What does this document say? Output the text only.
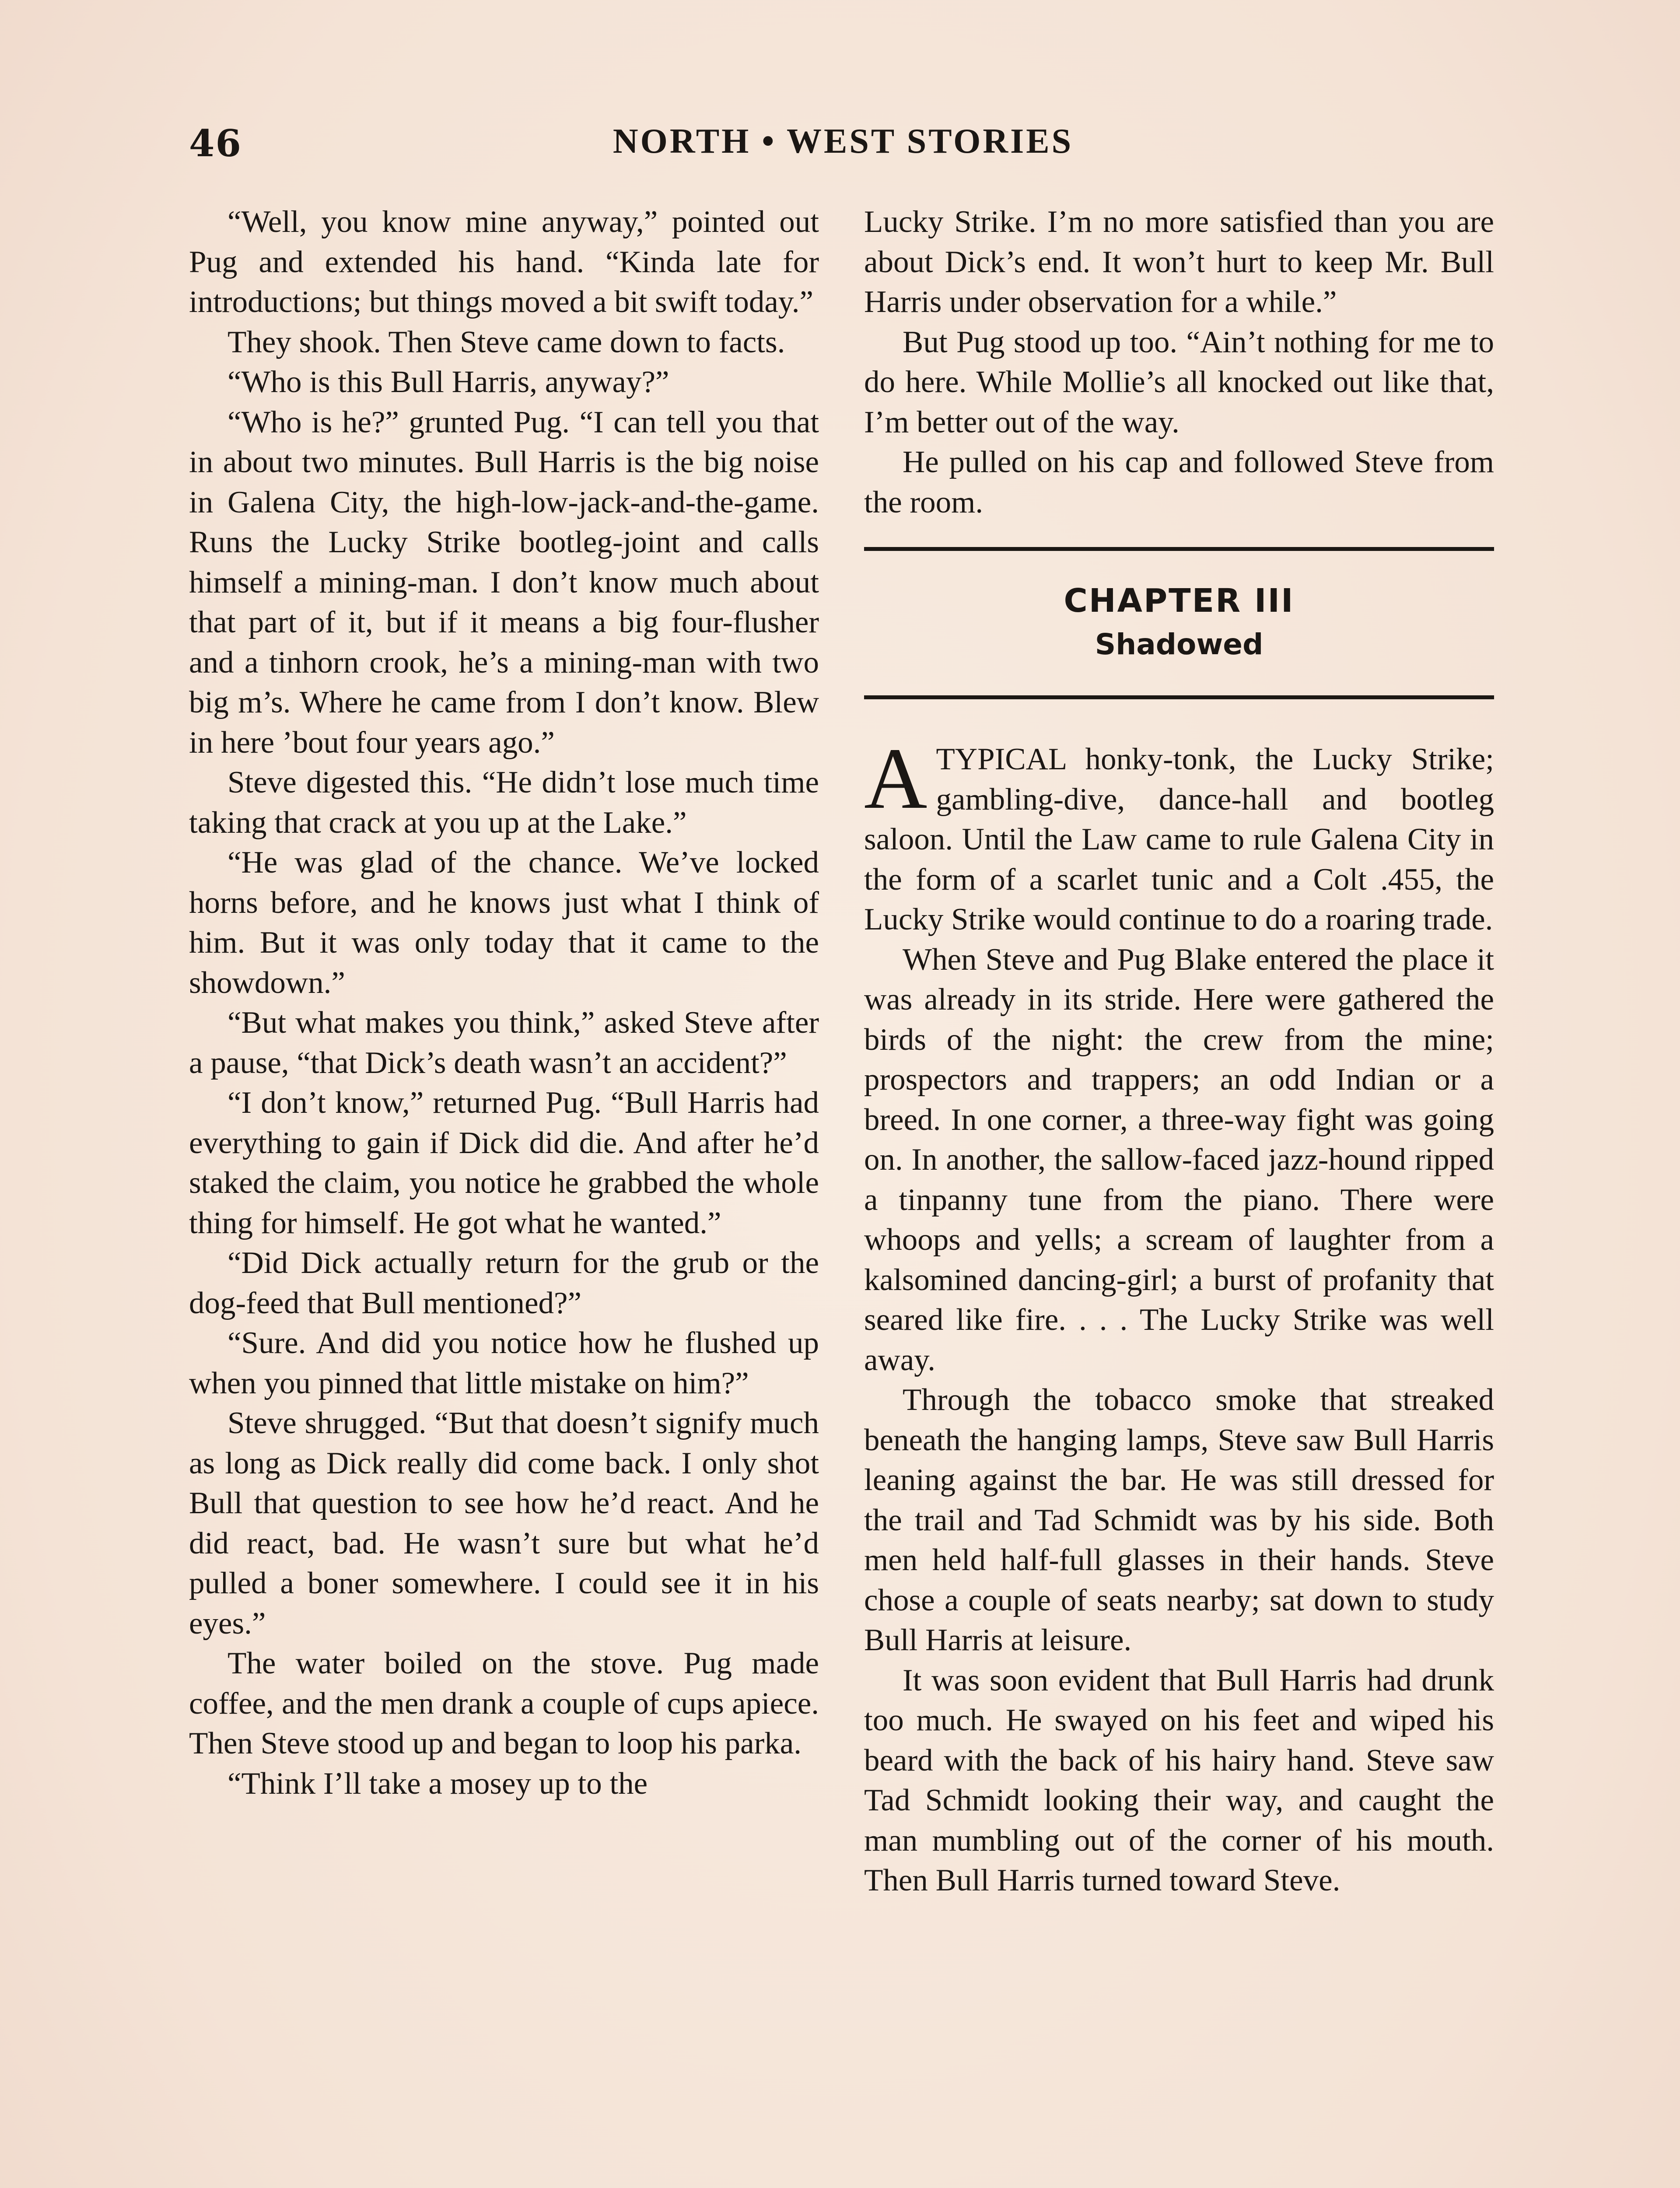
46	NORTH • WEST STORIES

“Well, you know mine anyway,” pointed out Pug and extended his hand. “Kinda late for introductions; but things moved a bit swift today.”

They shook. Then Steve came down to facts.

“Who is this Bull Harris, anyway?”

“Who is he?” grunted Pug. “I can tell you that in about two minutes. Bull Harris is the big noise in Galena City, the high-low-jack-and-the-game. Runs the Lucky Strike bootleg-joint and calls himself a mining-man. I don’t know much about that part of it, but if it means a big four-flusher and a tinhorn crook, he’s a mining-man with two big m’s. Where he came from I don’t know. Blew in here ’bout four years ago.”

Steve digested this. “He didn’t lose much time taking that crack at you up at the Lake.”

“He was glad of the chance. We’ve locked horns before, and he knows just what I think of him. But it was only today that it came to the showdown.”

“But what makes you think,” asked Steve after a pause, “that Dick’s death wasn’t an accident?”

“I don’t know,” returned Pug. “Bull Harris had everything to gain if Dick did die. And after he’d staked the claim, you notice he grabbed the whole thing for himself. He got what he wanted.”

“Did Dick actually return for the grub or the dog-feed that Bull mentioned?”

“Sure. And did you notice how he flushed up when you pinned that little mistake on him?”

Steve shrugged. “But that doesn’t signify much as long as Dick really did come back. I only shot Bull that question to see how he’d react. And he did react, bad. He wasn’t sure but what he’d pulled a boner somewhere. I could see it in his eyes.”

The water boiled on the stove. Pug made coffee, and the men drank a couple of cups apiece. Then Steve stood up and began to loop his parka.

“Think I’ll take a mosey up to the

Lucky Strike. I’m no more satisfied than you are about Dick’s end. It won’t hurt to keep Mr. Bull Harris under observation for a while.”

But Pug stood up too. “Ain’t nothing for me to do here. While Mollie’s all knocked out like that, I’m better out of the way.

He pulled on his cap and followed Steve from the room.

CHAPTER III
Shadowed

A TYPICAL honky-tonk, the Lucky Strike; gambling-dive, dance-hall and bootleg saloon. Until the Law came to rule Galena City in the form of a scarlet tunic and a Colt .455, the Lucky Strike would continue to do a roaring trade.

When Steve and Pug Blake entered the place it was already in its stride. Here were gathered the birds of the night: the crew from the mine; prospectors and trappers; an odd Indian or a breed. In one corner, a three-way fight was going on. In another, the sallow-faced jazz-hound ripped a tinpanny tune from the piano. There were whoops and yells; a scream of laughter from a kalsomined dancing-girl; a burst of profanity that seared like fire. . . . The Lucky Strike was well away.

Through the tobacco smoke that streaked beneath the hanging lamps, Steve saw Bull Harris leaning against the bar. He was still dressed for the trail and Tad Schmidt was by his side. Both men held half-full glasses in their hands. Steve chose a couple of seats nearby; sat down to study Bull Harris at leisure.

It was soon evident that Bull Harris had drunk too much. He swayed on his feet and wiped his beard with the back of his hairy hand. Steve saw Tad Schmidt looking their way, and caught the man mumbling out of the corner of his mouth. Then Bull Harris turned toward Steve.
